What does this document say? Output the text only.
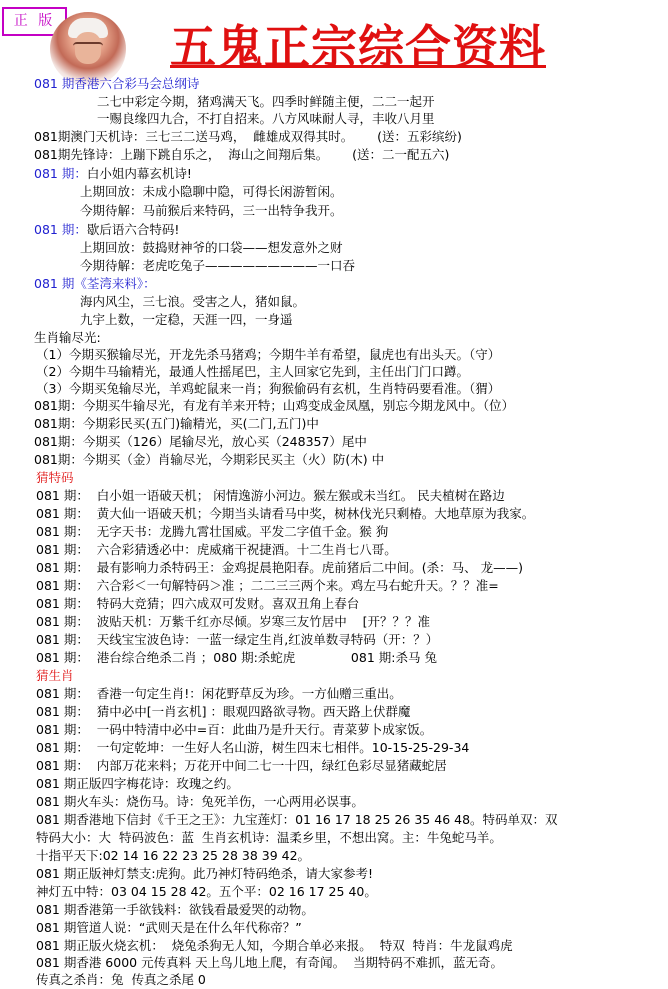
正 版 五鬼正宗综合资料
081 期香港六合彩马会总纲诗
二七中彩定今期，猪鸡满天飞。四季时鲜随主便，二二一起开
一赐良缘四九合，不打自招来。八方风味耐人寻，丰收八月里
081期澳门天机诗：三七三二送马鸡，  雌雄成双得其时。      (送：五彩缤纷)
081期先锋诗：上蹦下跳自乐之，  海山之间翔后集。      (送：二一配五六)
081 期：白小姐内幕玄机诗!
上期回放：未成小隐聊中隐，可得长闲游暂闲。
今期待解：马前猴后来特码，三一出特争我开。
081 期：歇后语六合特码!
上期回放：鼓捣财神爷的口袋——想发意外之财
今期待解：老虎吃兔子—————————一口吞
081 期《荃湾来料》：
海内风尘，三七浪。受害之人，猪如鼠。
九宇上数，一定稳，天涯一四，一身遥
生肖输尽光:
（1）今期买猴输尽光，开龙先杀马猪鸡；今期牛羊有希望，鼠虎也有出头天。（守）
（2）今期牛马输精光，最通人性摇尾巴，主人回家它先到，主任出门门口蹲。
（3）今期买兔输尽光，羊鸡蛇鼠来一肖；狗猴偷码有玄机，生肖特码要看准。（猬）
081期：今期买牛输尽光，有龙有羊来开特；山鸡变成金凤凰，别忘今期龙风中。（位）
081期：今期彩民买(五门)输精光，买(二门,五门)中
081期：今期买（126）尾输尽光，放心买（248357）尾中
081期：今期买（金）肖输尽光，今期彩民买主（火）防(木) 中
猜特码
081 期：  白小姐一语破天机； 闲情逸游小河边。猴左猴或未当红。 民夫植树在路边
081 期：  黄大仙一语破天机；今期当头请看马中奖，树林伐光只剩椿。大地草原为我家。
081 期：  无字天书：龙腾九霄壮国威。平发二字值千金。猴 狗
081 期：  六合彩猜透必中：虎威痛干祝捷酒。十二生肖七八哥。
081 期：  最有影响力杀特码王：金鸡捉晨艳阳春。虎前猪后二中间。(杀：马、 龙——)
081 期：  六合彩＜一句解特码＞准 ；二二三三两个来。鸡左马右蛇升天。？？准=
081 期：  特码大竞猜；四六成双可发财。喜双丑角上春台
081 期：  波贴天机：万紫千红亦尽倾。岁寒三友竹居中    [开？？？准
081 期：  天线宝宝波色诗：一蓝一绿定生肖,红波单数寻特码（开：？）
081 期：  港台综合绝杀二肖 ；080 期:杀蛇虎              081 期:杀马 兔
猜生肖
081 期：  香港一句定生肖!：闲花野草反为珍。一方仙赠三重出。
081 期：  猜中必中[一肖玄机] ：眼观四路欲寻物。西天路上伏群魔
081 期：  一码中特清中必中=百：此曲乃是升天行。青菜萝卜成家饭。
081 期：  一句定乾坤：一生好人名山游，树生四末七相伴。10-15-25-29-34
081 期：  内部万花来料；万花开中间二七一十四，绿红色彩尽显猪藏蛇居
081 期正版四字梅花诗：玫瑰之约。
081 期火车头：烧伤马。诗：兔死羊伤，一心两用必误事。
081 期香港地下信封《千王之王》：九宝莲灯：01 16 17 18 25 26 35 46 48。特码单双：双
特码大小：大  特码波色：蓝  生肖玄机诗：温柔乡里，不想出窝。主：牛兔蛇马羊。
十指平天下:02 14 16 22 23 25 28 38 39 42。
081 期正版神灯禁支:虎狗。此乃神灯特码绝杀，请大家参考!
神灯五中特：03 04 15 28 42。五个平：02 16 17 25 40。
081 期香港第一手欲钱料：欲钱看最爱哭的动物。
081 期管道人说：“武则天是在什么年代称帝？”
081 期正版火烧玄机：  烧兔杀狗无人知，今期合单必来报。  特双  特肖：牛龙鼠鸡虎
081 期香港 6000 元传真料 天上鸟儿地上爬，有奇闻。  当期特码不难抓，蓝无奇。
传真之杀肖：兔  传真之杀尾 0
